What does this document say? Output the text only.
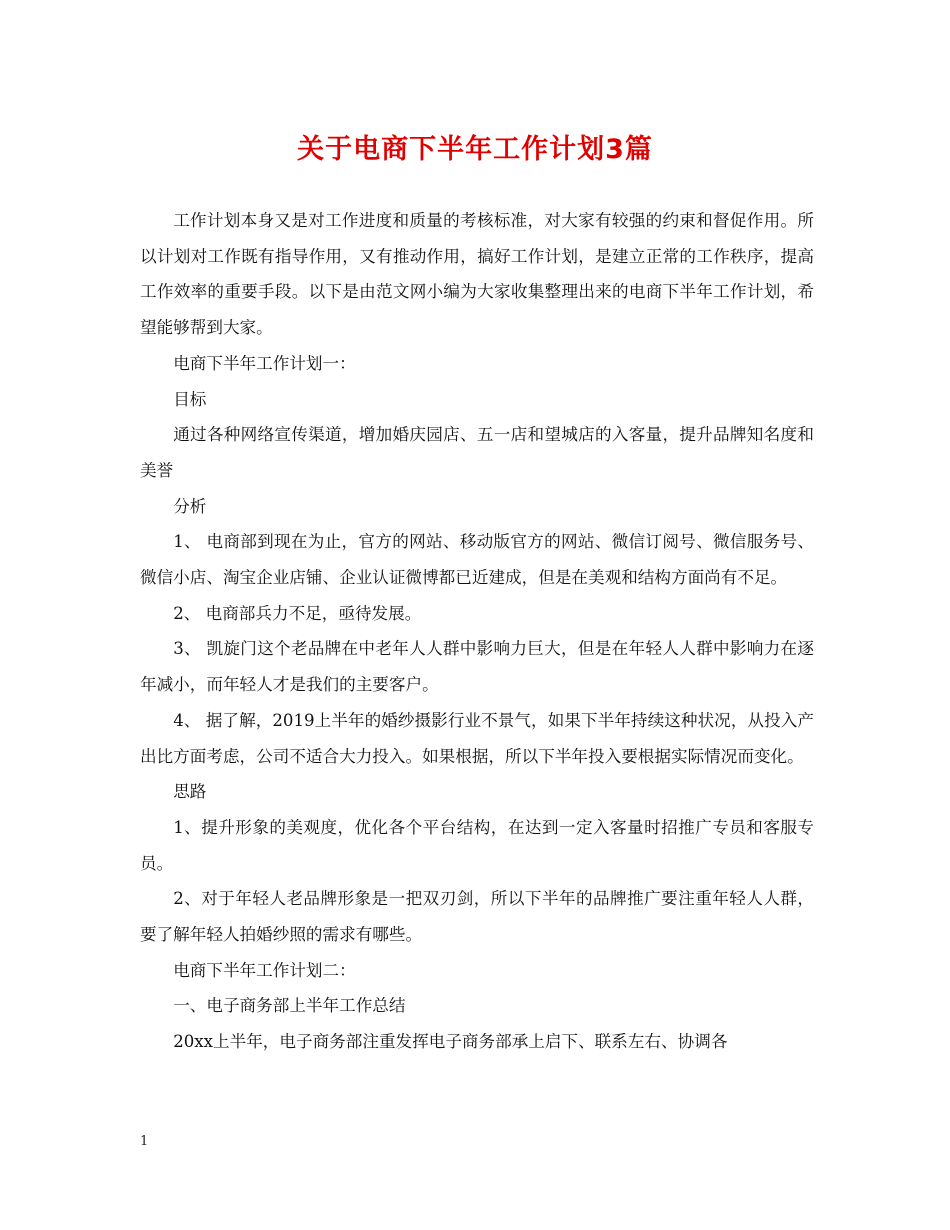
关于电商下半年工作计划3篇

工作计划本身又是对工作进度和质量的考核标准，对大家有较强的约束和督促作用。所以计划对工作既有指导作用，又有推动作用，搞好工作计划，是建立正常的工作秩序，提高工作效率的重要手段。以下是由范文网小编为大家收集整理出来的电商下半年工作计划，希望能够帮到大家。

电商下半年工作计划一：

目标

通过各种网络宣传渠道，增加婚庆园店、五一店和望城店的入客量，提升品牌知名度和美誉

分析

1、 电商部到现在为止，官方的网站、移动版官方的网站、微信订阅号、微信服务号、微信小店、淘宝企业店铺、企业认证微博都已近建成，但是在美观和结构方面尚有不足。

2、 电商部兵力不足，亟待发展。

3、 凯旋门这个老品牌在中老年人人群中影响力巨大，但是在年轻人人群中影响力在逐年减小，而年轻人才是我们的主要客户。

4、 据了解，2019上半年的婚纱摄影行业不景气，如果下半年持续这种状况，从投入产出比方面考虑，公司不适合大力投入。如果根据，所以下半年投入要根据实际情况而变化。

思路

1、提升形象的美观度，优化各个平台结构，在达到一定入客量时招推广专员和客服专员。

2、对于年轻人老品牌形象是一把双刃剑，所以下半年的品牌推广要注重年轻人人群，要了解年轻人拍婚纱照的需求有哪些。

电商下半年工作计划二：

一、电子商务部上半年工作总结

20xx上半年，电子商务部注重发挥电子商务部承上启下、联系左右、协调各

1
